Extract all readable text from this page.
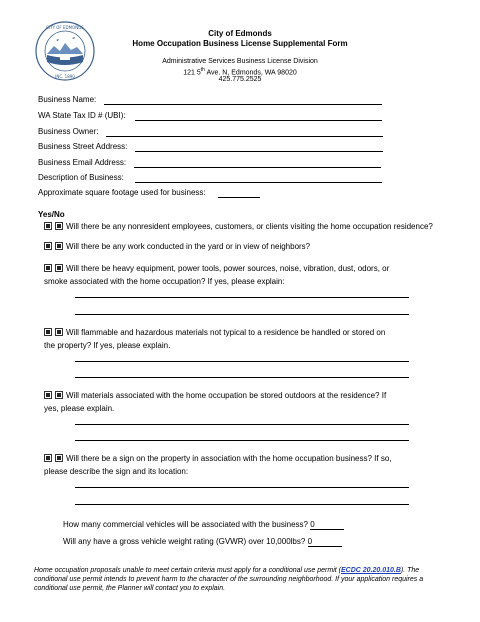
CITY OF EDMONDS
INC. 1890
City of Edmonds
Home Occupation Business License Supplemental Form
Administrative Services Business License Division
121 5th Ave. N, Edmonds, WA 98020
425.775.2525
Business Name:
WA State Tax ID # (UBI):
Business Owner:
Business Street Address:
Business Email Address:
Description of Business:
Approximate square footage used for business:
Yes/No
Will there be any nonresident employees, customers, or clients visiting the home occupation residence?
Will there be any work conducted in the yard or in view of neighbors?
Will there be heavy equipment, power tools, power sources, noise, vibration, dust, odors, or
smoke associated with the home occupation? If yes, please explain:
Will flammable and hazardous materials not typical to a residence be handled or stored on
the property? If yes, please explain.
Will materials associated with the home occupation be stored outdoors at the residence? If
yes, please explain.
Will there be a sign on the property in association with the home occupation business? If so,
please describe the sign and its location:
How many commercial vehicles will be associated with the business? 0
Will any have a gross vehicle weight rating (GVWR) over 10,000lbs? 0
Home occupation proposals unable to meet certain criteria must apply for a conditional use permit (ECDC 20.20.010.B). The conditional use permit intends to prevent harm to the character of the surrounding neighborhood. If your application requires a conditional use permit, the Planner will contact you to explain.
